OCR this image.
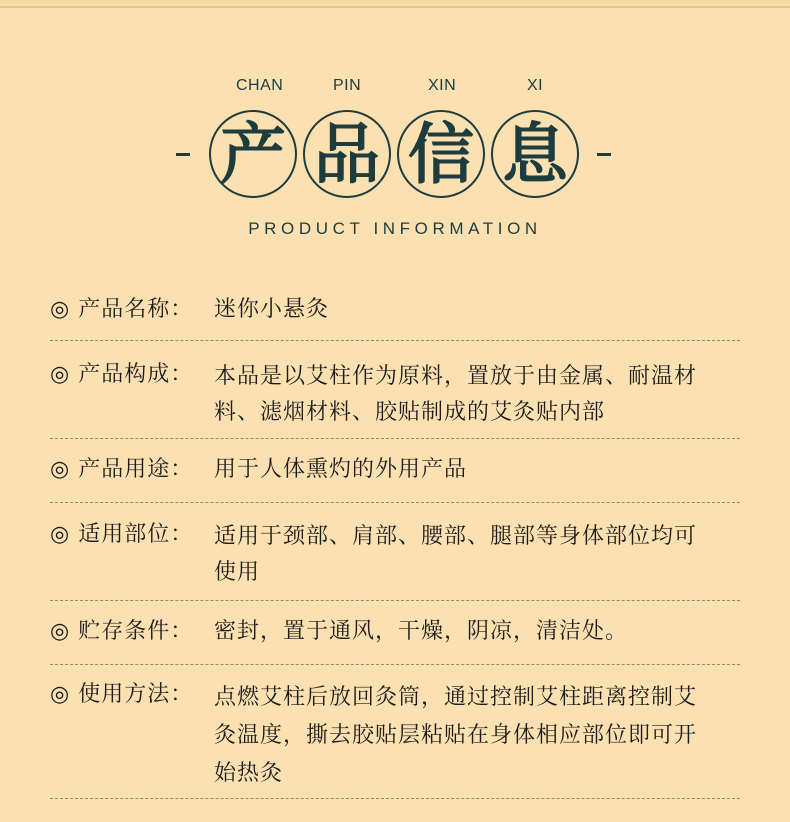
CHAN	PIN	XIN	XI
产 品 信 息
PRODUCT INFORMATION
◎ 产品名称： 迷你小悬灸
◎ 产品构成： 本品是以艾柱作为原料，置放于由金属、耐温材料、滤烟材料、胶贴制成的艾灸贴内部
◎ 产品用途： 用于人体熏灼的外用产品
◎ 适用部位： 适用于颈部、肩部、腰部、腿部等身体部位均可使用
◎ 贮存条件： 密封，置于通风，干燥，阴凉，清洁处。
◎ 使用方法： 点燃艾柱后放回灸筒，通过控制艾柱距离控制艾灸温度，撕去胶贴层粘贴在身体相应部位即可开始热灸
